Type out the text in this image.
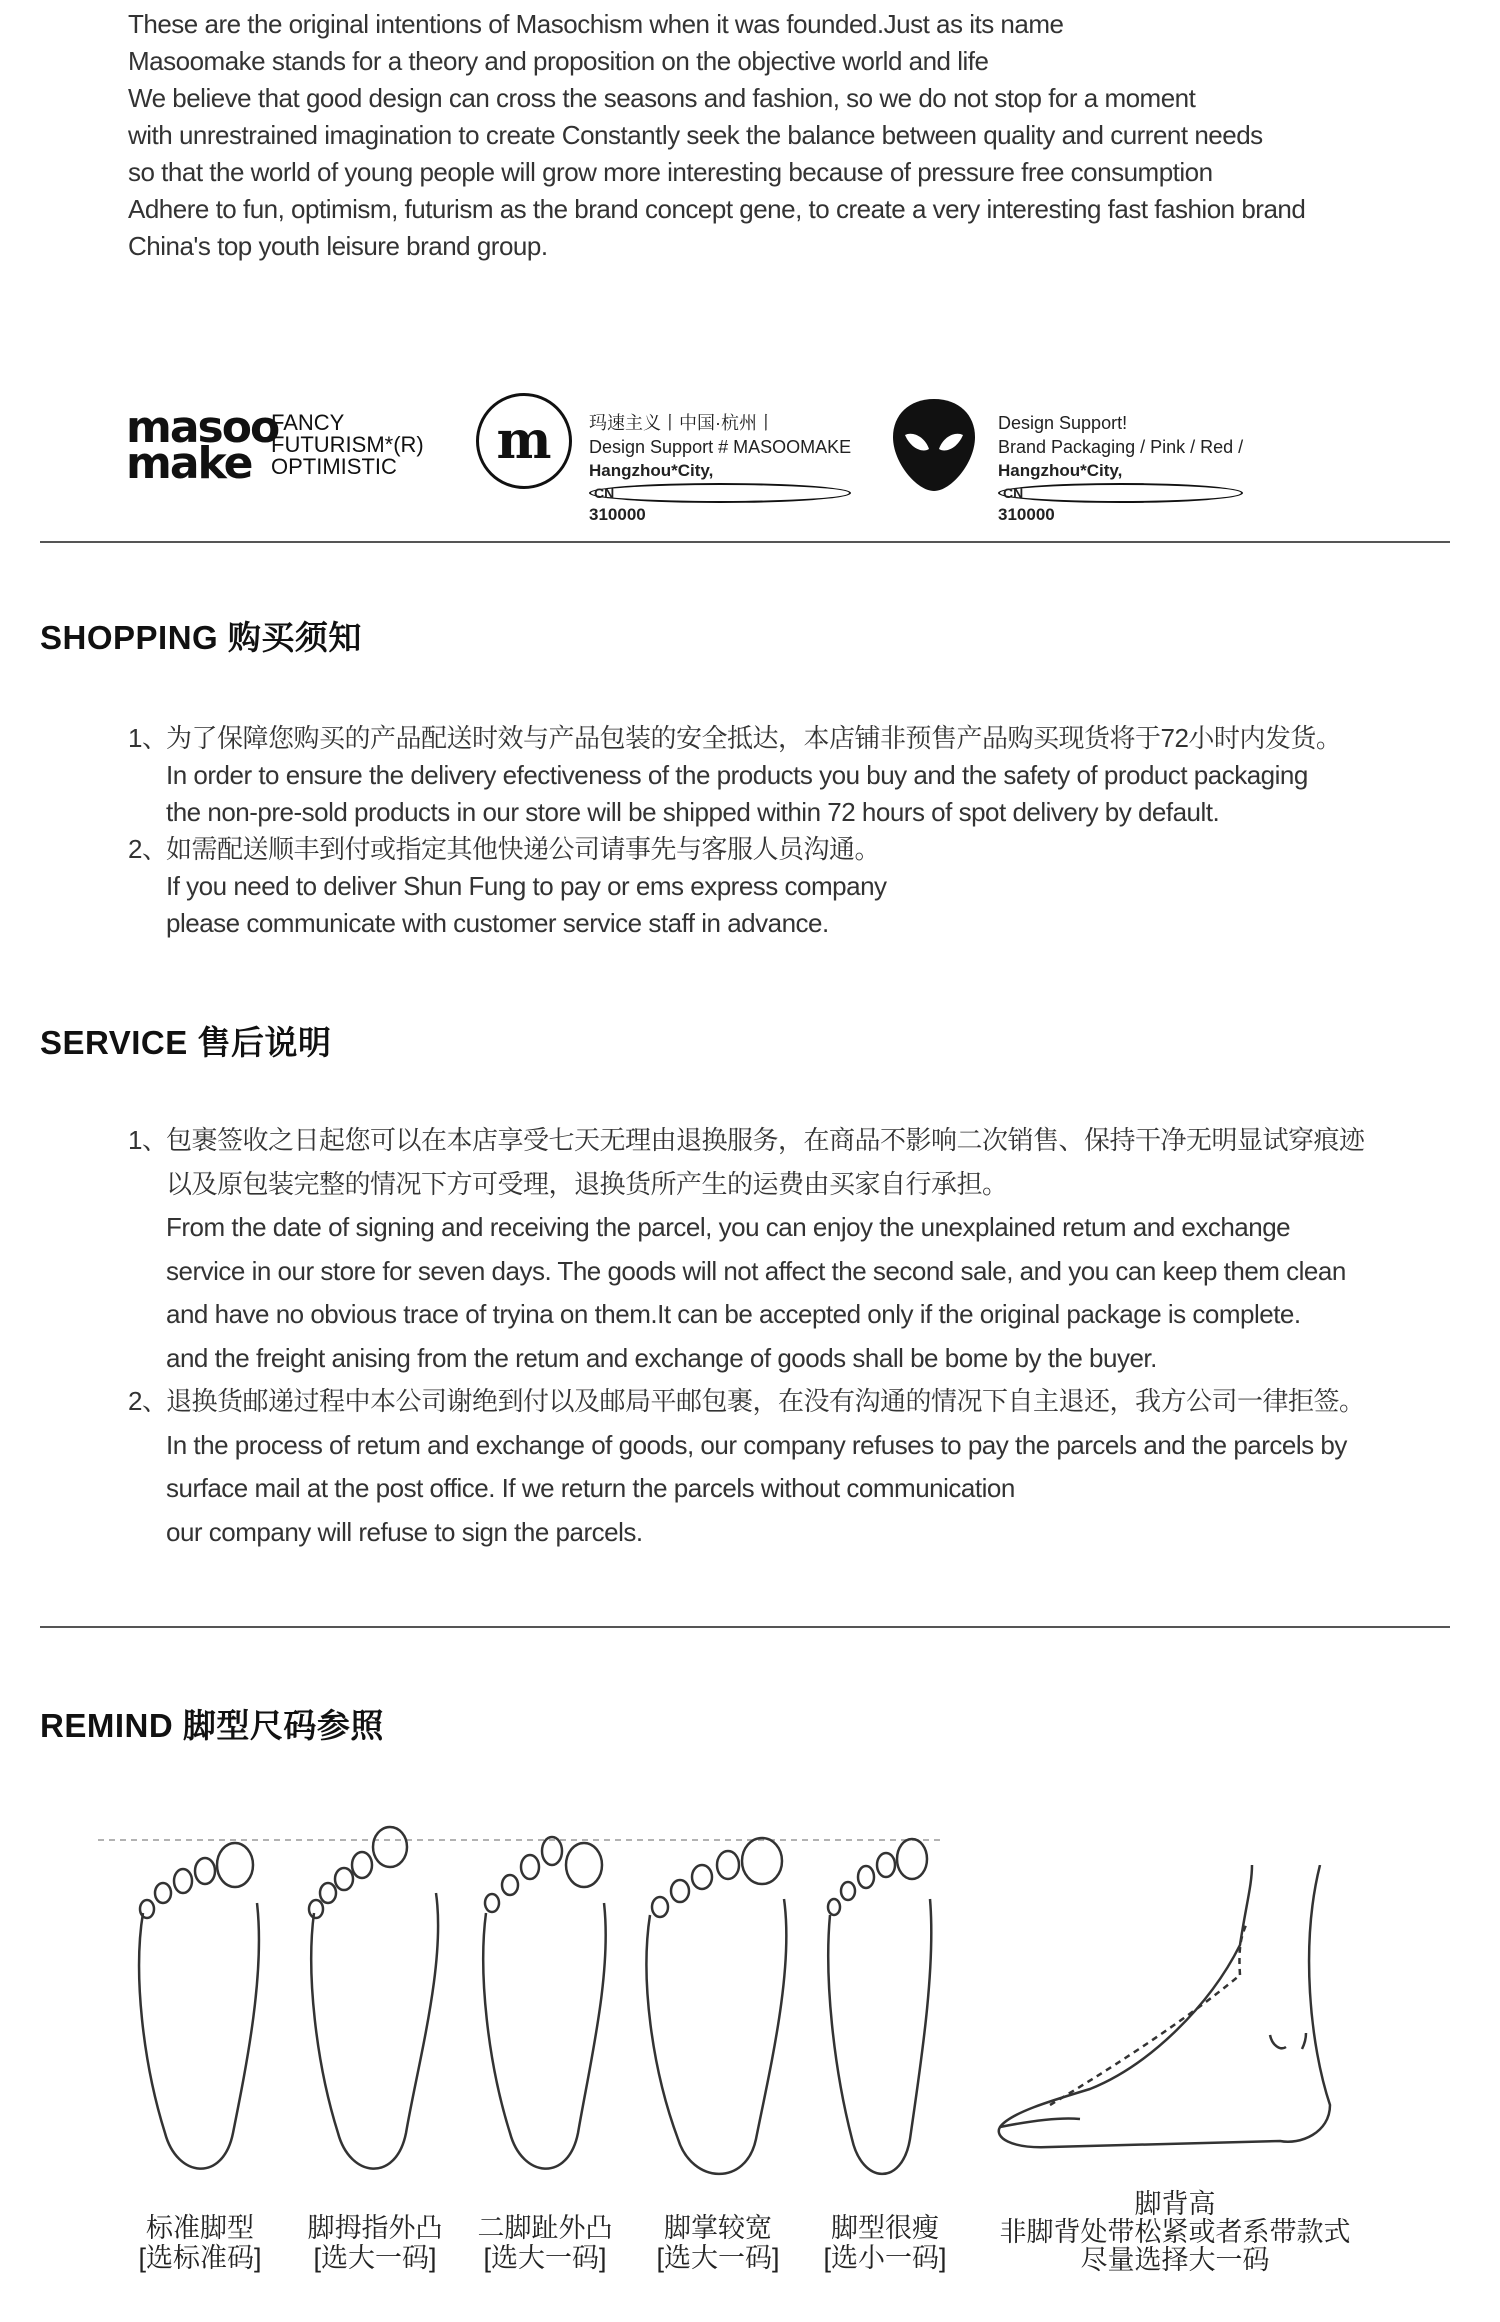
These are the original intentions of Masochism when it was founded.Just as its name
Masoomake stands for a theory and proposition on the objective world and life
We believe that good design can cross the seasons and fashion, so we do not stop for a moment
with unrestrained imagination to create Constantly seek the balance between quality and current needs
so that the world of young people will grow more interesting because of pressure free consumption
Adhere to fun, optimism, futurism as the brand concept gene, to create a very interesting fast fashion brand
China's top youth leisure brand group.
masoo
make
FANCY
FUTURISM*(R)
OPTIMISTIC	m	玛速主义丨中国·杭州丨
Design Support # MASOOMAKE
Hangzhou*City,
CN
310000
Design Support!
Brand Packaging / Pink / Red /
Hangzhou*City,
CN
310000
SHOPPING 购买须知
1、为了保障您购买的产品配送时效与产品包装的安全抵达，本店铺非预售产品购买现货将于72小时内发货。
In order to ensure the delivery efectiveness of the products you buy and the safety of product packaging
the non-pre-sold products in our store will be shipped within 72 hours of spot delivery by default.
2、如需配送顺丰到付或指定其他快递公司请事先与客服人员沟通。
If you need to deliver Shun Fung to pay or ems express company
please communicate with customer service staff in advance.
SERVICE 售后说明
1、包裹签收之日起您可以在本店享受七天无理由退换服务，在商品不影响二次销售、保持干净无明显试穿痕迹
以及原包装完整的情况下方可受理，退换货所产生的运费由买家自行承担。
From the date of signing and receiving the parcel, you can enjoy the unexplained retum and exchange
service in our store for seven days. The goods will not affect the second sale, and you can keep them clean
and have no obvious trace of tryina on them.It can be accepted only if the original package is complete.
and the freight anising from the retum and exchange of goods shall be bome by the buyer.
2、退换货邮递过程中本公司谢绝到付以及邮局平邮包裹，在没有沟通的情况下自主退还，我方公司一律拒签。
In the process of retum and exchange of goods, our company refuses to pay the parcels and the parcels by
surface mail at the post office. If we return the parcels without communication
our company will refuse to sign the parcels.
REMIND 脚型尺码参照
标准脚型
[选标准码]
脚拇指外凸
[选大一码]
二脚趾外凸
[选大一码]
脚掌较宽
[选大一码]
脚型很瘦
[选小一码]
脚背高
非脚背处带松紧或者系带款式
尽量选择大一码
